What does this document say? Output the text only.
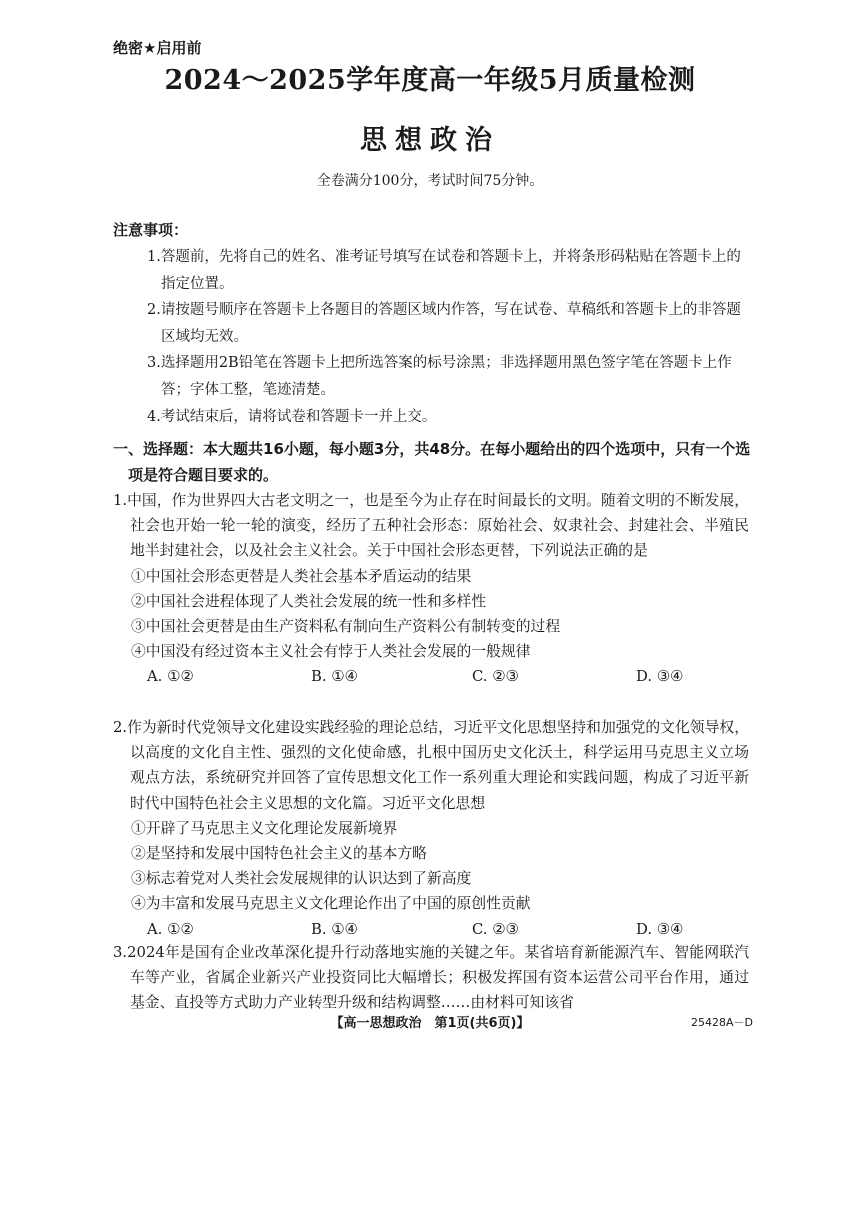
绝密★启用前
2024～2025学年度高一年级5月质量检测
思想政治
全卷满分100分，考试时间75分钟。
注意事项：
1.答题前，先将自己的姓名、准考证号填写在试卷和答题卡上，并将条形码粘贴在答题卡上的指定位置。
2.请按题号顺序在答题卡上各题目的答题区域内作答，写在试卷、草稿纸和答题卡上的非答题区域均无效。
3.选择题用2B铅笔在答题卡上把所选答案的标号涂黑；非选择题用黑色签字笔在答题卡上作答；字体工整，笔迹清楚。
4.考试结束后，请将试卷和答题卡一并上交。
一、选择题：本大题共16小题，每小题3分，共48分。在每小题给出的四个选项中，只有一个选项是符合题目要求的。
1.中国，作为世界四大古老文明之一，也是至今为止存在时间最长的文明。随着文明的不断发展，社会也开始一轮一轮的演变，经历了五种社会形态：原始社会、奴隶社会、封建社会、半殖民地半封建社会，以及社会主义社会。关于中国社会形态更替，下列说法正确的是
①中国社会形态更替是人类社会基本矛盾运动的结果
②中国社会进程体现了人类社会发展的统一性和多样性
③中国社会更替是由生产资料私有制向生产资料公有制转变的过程
④中国没有经过资本主义社会有悖于人类社会发展的一般规律
A. ①②	B. ①④	C. ②③	D. ③④
2.作为新时代党领导文化建设实践经验的理论总结，习近平文化思想坚持和加强党的文化领导权，以高度的文化自主性、强烈的文化使命感，扎根中国历史文化沃土，科学运用马克思主义立场观点方法，系统研究并回答了宣传思想文化工作一系列重大理论和实践问题，构成了习近平新时代中国特色社会主义思想的文化篇。习近平文化思想
①开辟了马克思主义文化理论发展新境界
②是坚持和发展中国特色社会主义的基本方略
③标志着党对人类社会发展规律的认识达到了新高度
④为丰富和发展马克思主义文化理论作出了中国的原创性贡献
A. ①②	B. ①④	C. ②③	D. ③④
3.2024年是国有企业改革深化提升行动落地实施的关键之年。某省培育新能源汽车、智能网联汽车等产业，省属企业新兴产业投资同比大幅增长；积极发挥国有资本运营公司平台作用，通过基金、直投等方式助力产业转型升级和结构调整……由材料可知该省
【高一思想政治　第1页(共6页)】	25428A－D
